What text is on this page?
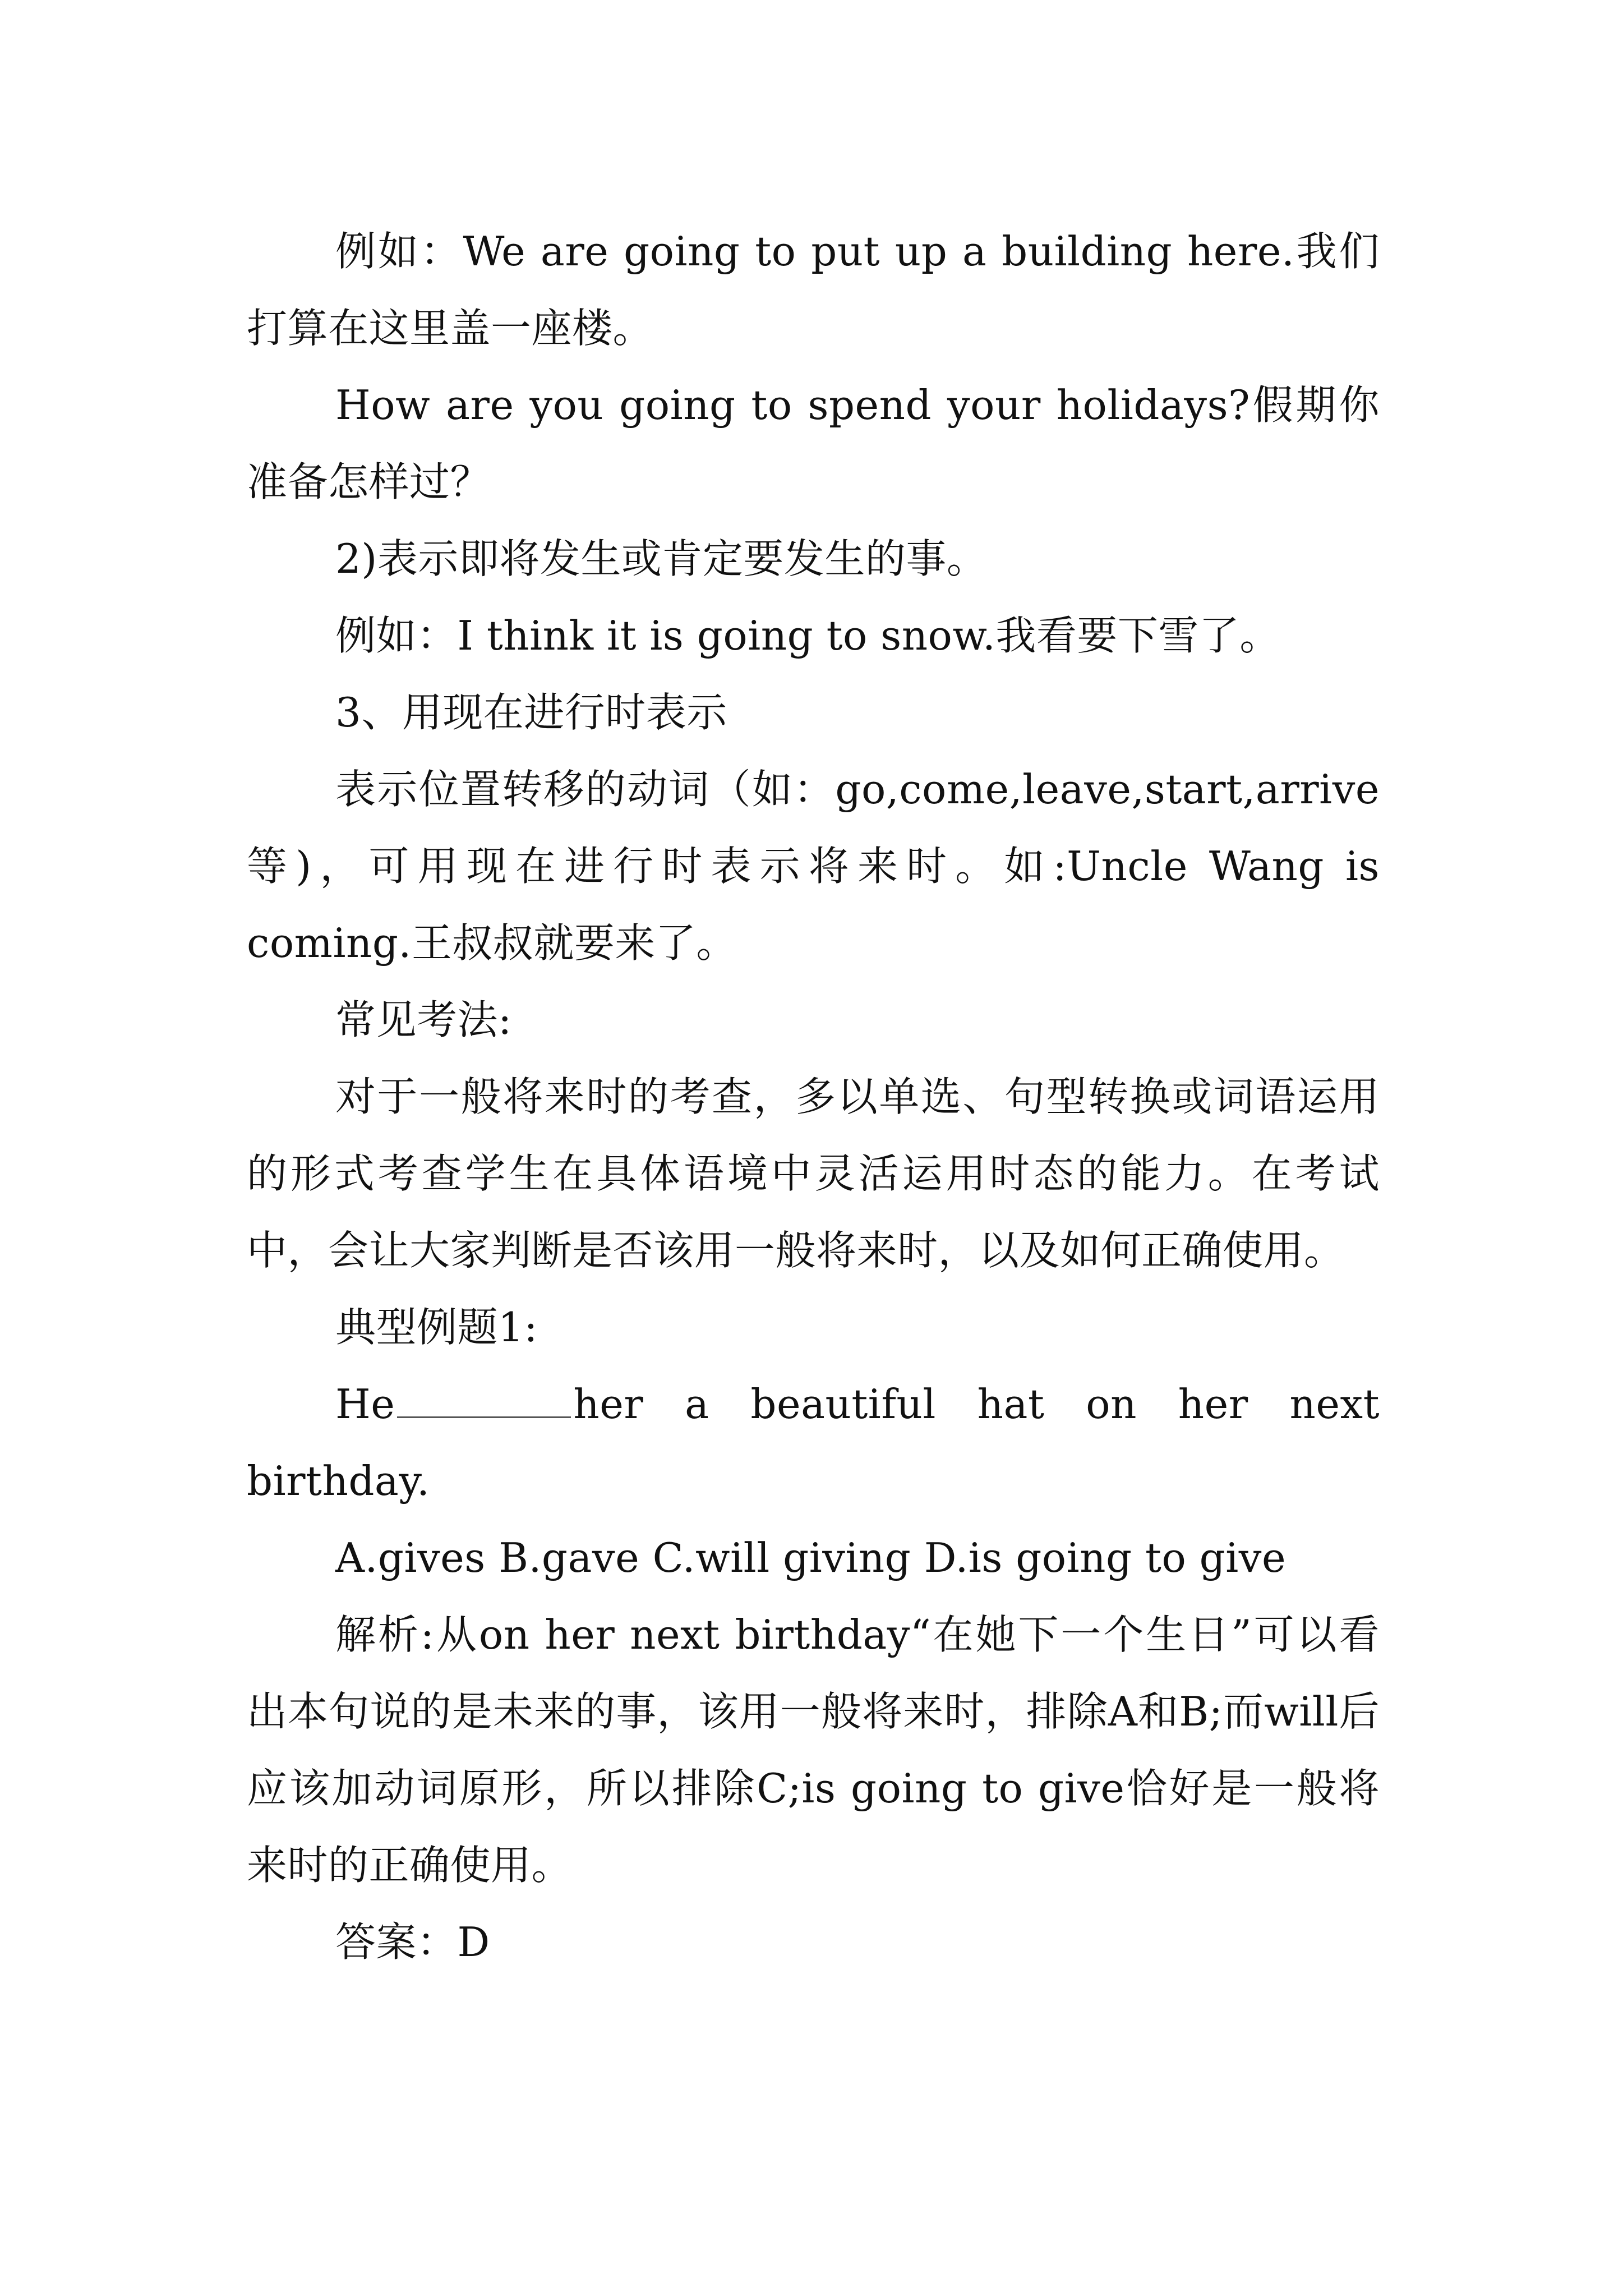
例如：We are going to put up a building here.我们打算在这里盖一座楼。

How are you going to spend your holidays?假期你准备怎样过？

2)表示即将发生或肯定要发生的事。

例如：I think it is going to snow.我看要下雪了。

3、用现在进行时表示

表示位置转移的动词（如：go,come,leave,start,arrive等)，可用现在进行时表示将来时。如:Uncle Wang is coming.王叔叔就要来了。

常见考法:

对于一般将来时的考查，多以单选、句型转换或词语运用的形式考查学生在具体语境中灵活运用时态的能力。在考试中，会让大家判断是否该用一般将来时，以及如何正确使用。

典型例题1:

He	her a beautiful hat on her next birthday.

A.gives B.gave C.will giving D.is going to give

解析:从on her next birthday“在她下一个生日”可以看出本句说的是未来的事，该用一般将来时，排除A和B;而will后应该加动词原形，所以排除C;is going to give恰好是一般将来时的正确使用。

答案：D
